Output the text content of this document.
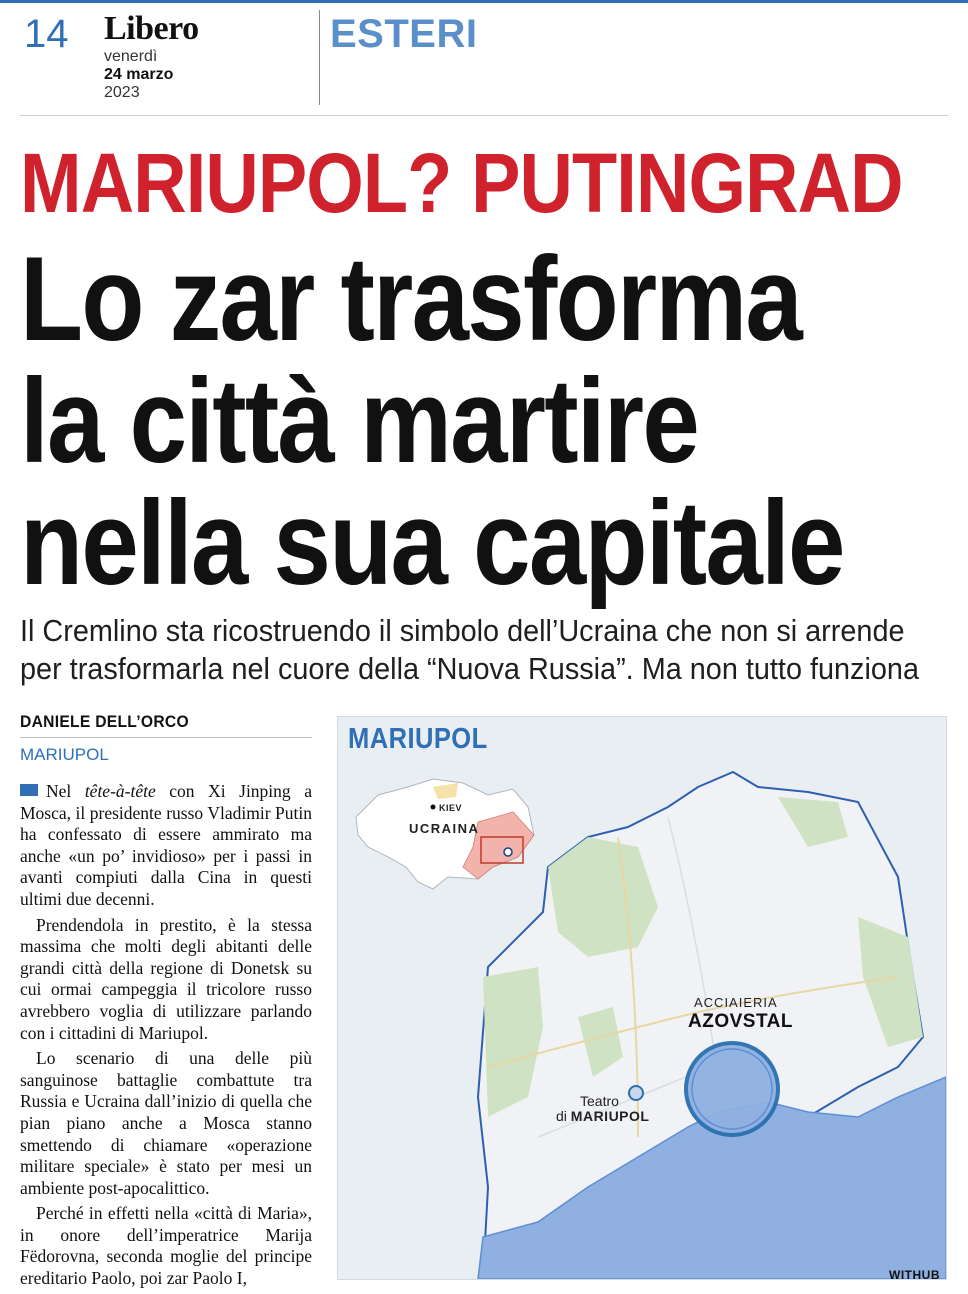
14 Libero
venerdì
24 marzo
2023
ESTERI
MARIUPOL? PUTINGRAD
Lo zar trasforma
la città martire
nella sua capitale
Il Cremlino sta ricostruendo il simbolo dell’Ucraina che non si arrende
per trasformarla nel cuore della “Nuova Russia”. Ma non tutto funziona
DANIELE DELL’ORCO
MARIUPOL

Nel tête-à-tête con Xi Jinping a Mosca, il presidente russo Vladimir Putin ha confessato di essere ammirato ma anche «un po’ invidioso» per i passi in avanti compiuti dalla Cina in questi ultimi due decenni.

Prendendola in prestito, è la stessa massima che molti degli abitanti delle grandi città della regione di Donetsk su cui ormai campeggia il tricolore russo avrebbero voglia di utilizzare parlando con i cittadini di Mariupol.

Lo scenario di una delle più sanguinose battaglie combattute tra Russia e Ucraina dall’inizio di quella che pian piano anche a Mosca stanno smettendo di chiamare «operazione militare speciale» è stato per mesi un ambiente post-apocalittico.

Perché in effetti nella «città di Maria», in onore dell’imperatrice Marija Fëdorovna, seconda moglie del principe ereditario Paolo, poi zar Paolo I,

MARIUPOL
KIEV
UCRAINA
ACCIAIERIA
AZOVSTAL
Teatro
di MARIUPOL
WITHUB
